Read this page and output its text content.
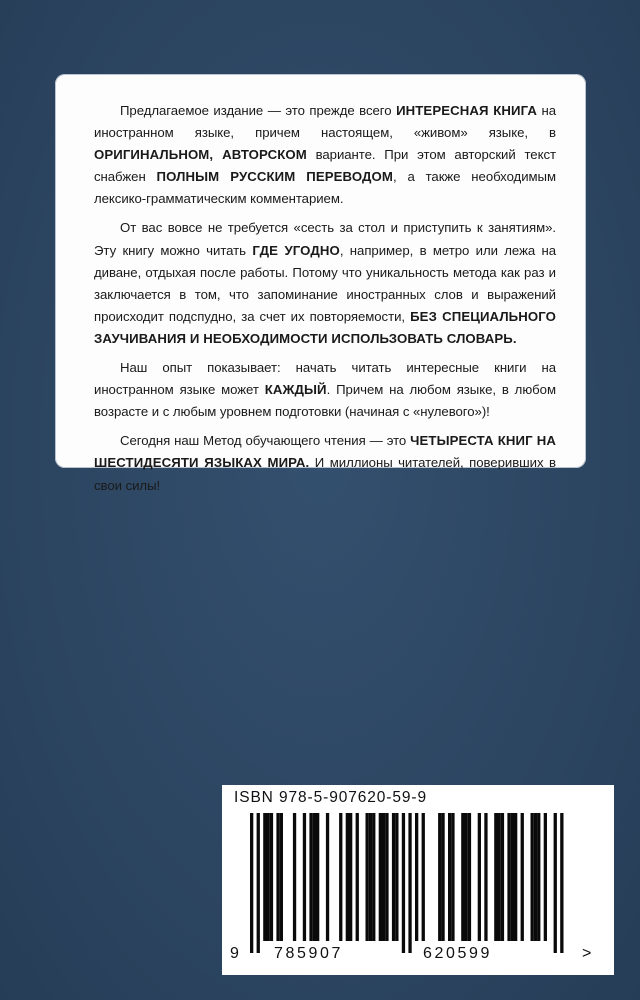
Предлагаемое издание — это прежде всего ИНТЕРЕСНАЯ КНИГА на иностранном языке, причем настоящем, «живом» языке, в ОРИГИНАЛЬНОМ, АВТОРСКОМ варианте. При этом авторский текст снабжен ПОЛНЫМ РУССКИМ ПЕРЕВОДОМ, а также необходимым лексико-грамматическим комментарием.

От вас вовсе не требуется «сесть за стол и приступить к занятиям». Эту книгу можно читать ГДЕ УГОДНО, например, в метро или лежа на диване, отдыхая после работы. Потому что уникальность метода как раз и заключается в том, что запоминание иностранных слов и выражений происходит подспудно, за счет их повторяемости, БЕЗ СПЕЦИАЛЬНОГО ЗАУЧИВАНИЯ И НЕОБХОДИМОСТИ ИСПОЛЬЗОВАТЬ СЛОВАРЬ.

Наш опыт показывает: начать читать интересные книги на иностранном языке может КАЖДЫЙ. Причем на любом языке, в любом возрасте и с любым уровнем подготовки (начиная с «нулевого»)!

Сегодня наш Метод обучающего чтения — это ЧЕТЫРЕСТА КНИГ НА ШЕСТИДЕСЯТИ ЯЗЫКАХ МИРА. И миллионы читателей, поверивших в свои силы!

ISBN 978-5-907620-59-9
9 785907	620599	>
